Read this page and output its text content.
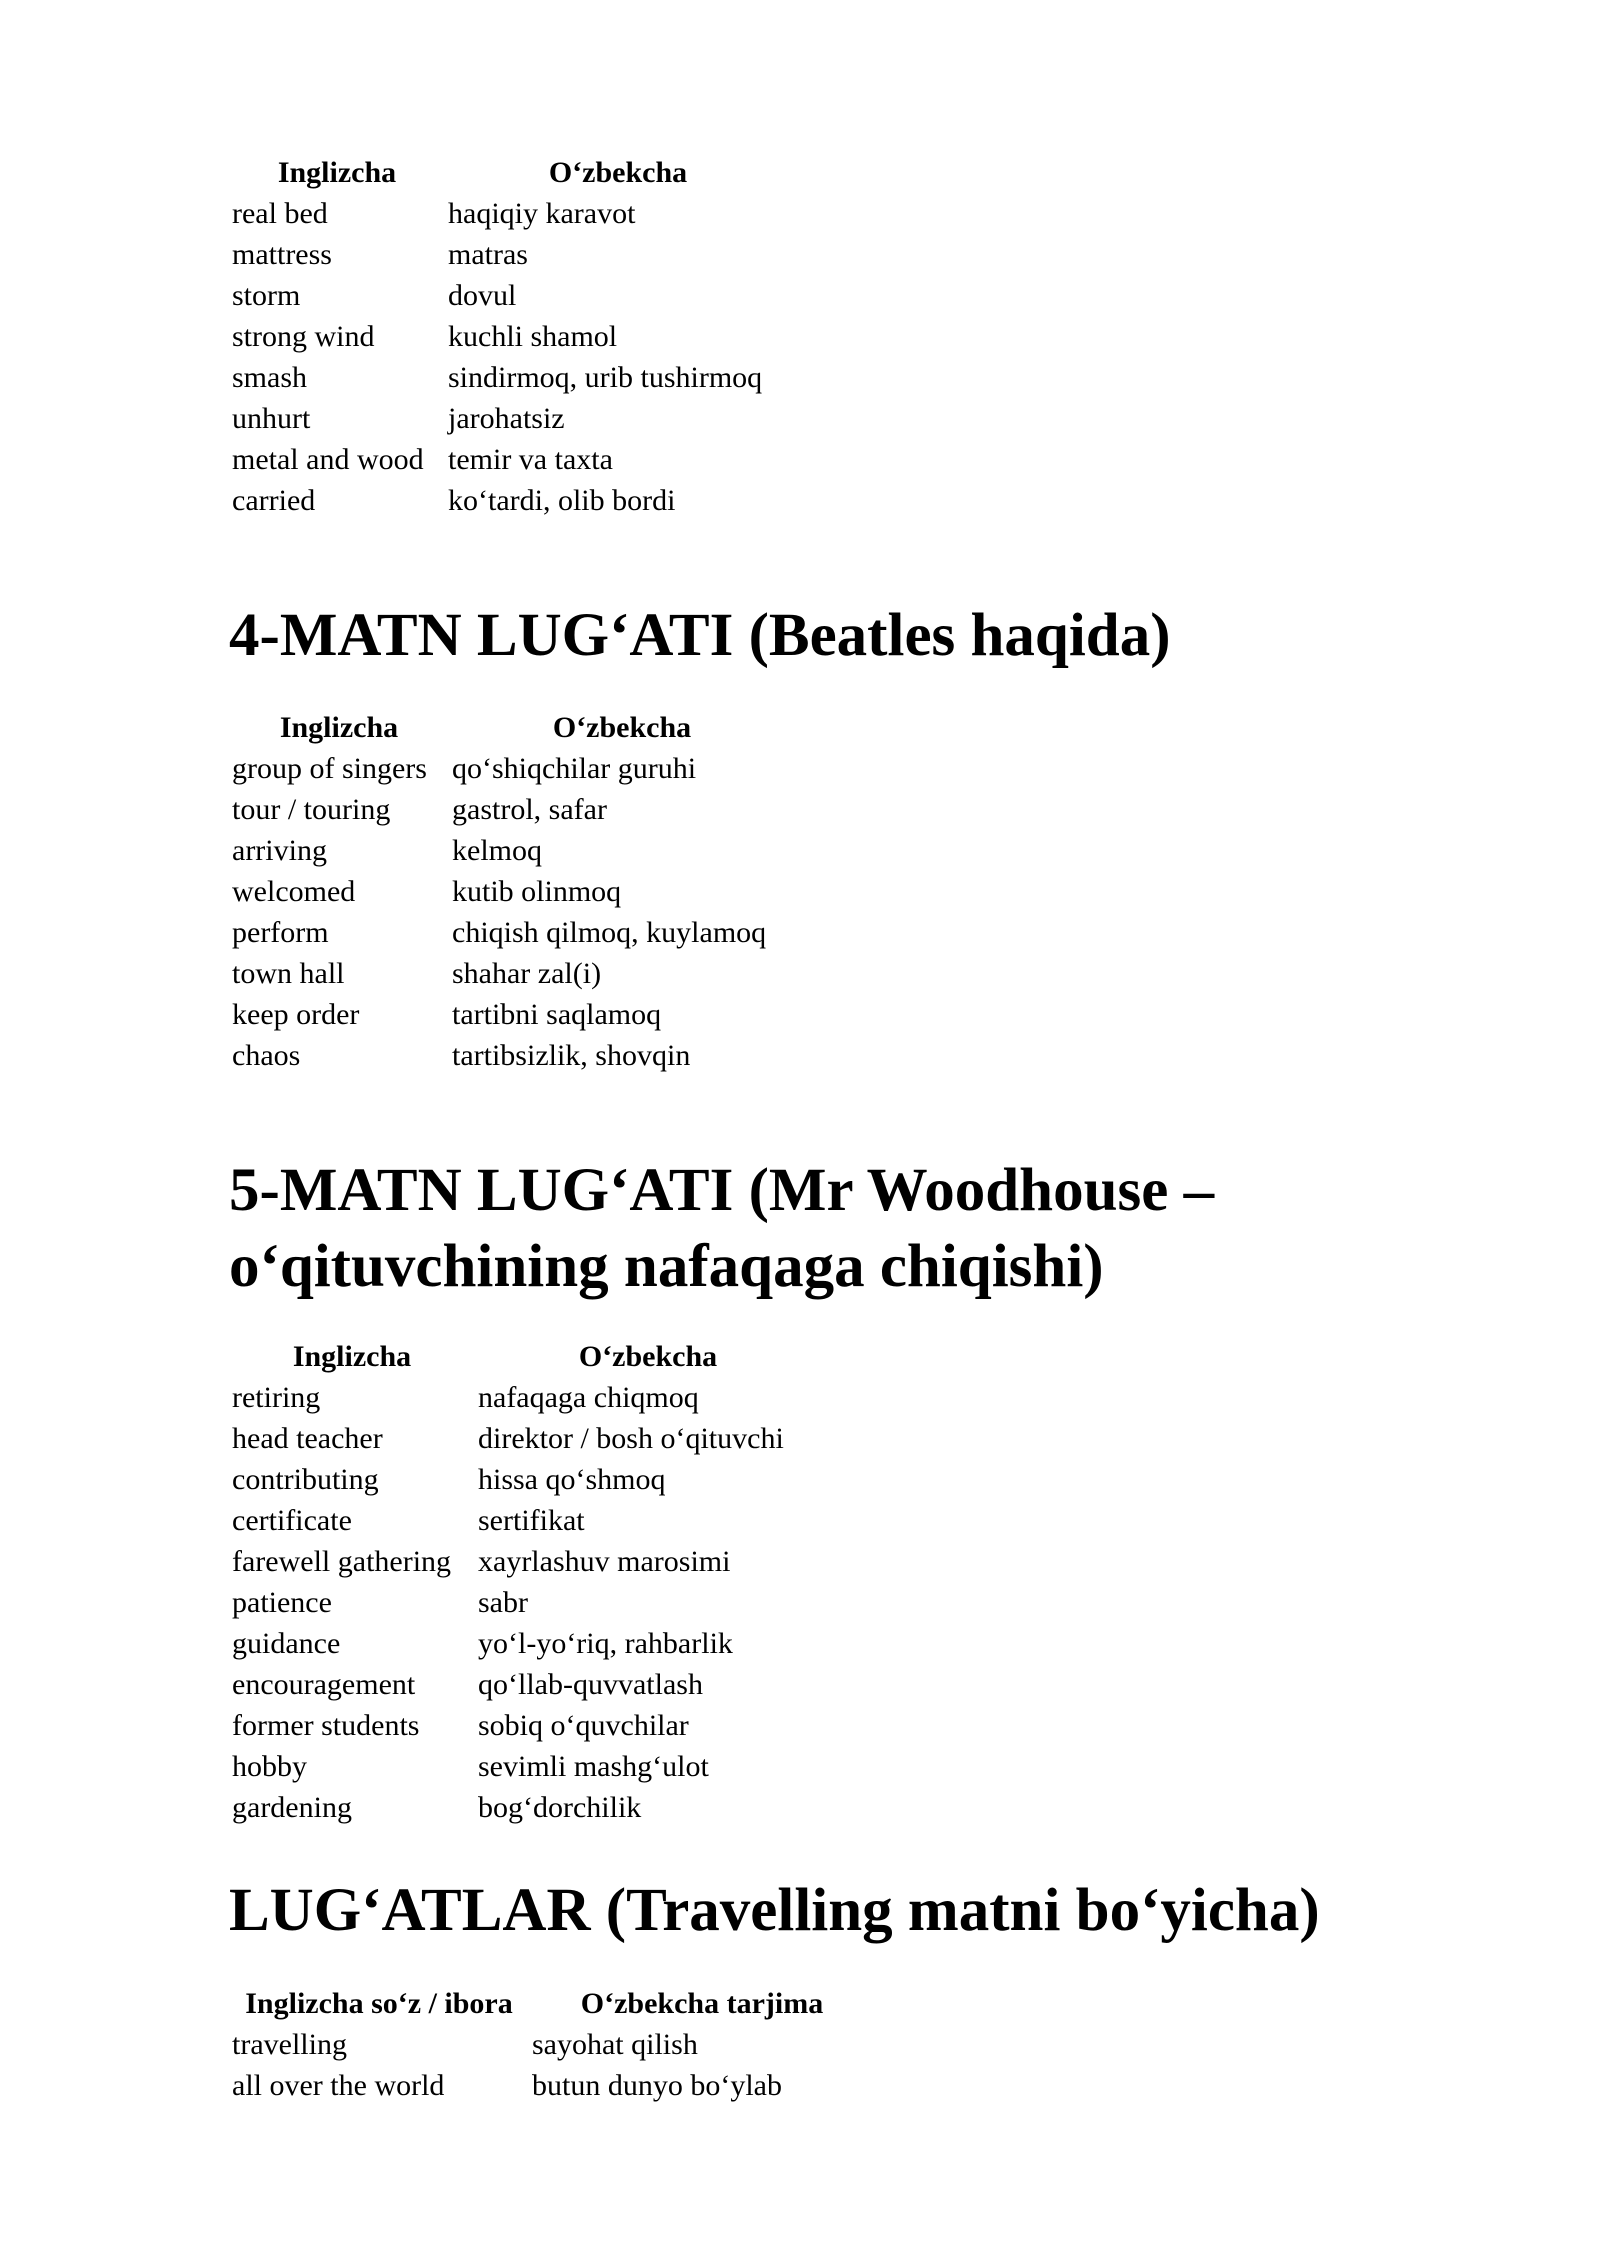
Inglizcha	O‘zbekcha
real bed	haqiqiy karavot
mattress	matras
storm	dovul
strong wind	kuchli shamol
smash	sindirmoq, urib tushirmoq
unhurt	jarohatsiz
metal and wood	temir va taxta
carried	ko‘tardi, olib bordi
4-MATN LUG‘ATI (Beatles haqida)
Inglizcha	O‘zbekcha
group of singers	qo‘shiqchilar guruhi
tour / touring	gastrol, safar
arriving	kelmoq
welcomed	kutib olinmoq
perform	chiqish qilmoq, kuylamoq
town hall	shahar zal(i)
keep order	tartibni saqlamoq
chaos	tartibsizlik, shovqin
5-MATN LUG‘ATI (Mr Woodhouse – o‘qituvchining nafaqaga chiqishi)
Inglizcha	O‘zbekcha
retiring	nafaqaga chiqmoq
head teacher	direktor / bosh o‘qituvchi
contributing	hissa qo‘shmoq
certificate	sertifikat
farewell gathering	xayrlashuv marosimi
patience	sabr
guidance	yo‘l-yo‘riq, rahbarlik
encouragement	qo‘llab-quvvatlash
former students	sobiq o‘quvchilar
hobby	sevimli mashg‘ulot
gardening	bog‘dorchilik
LUG‘ATLAR (Travelling matni bo‘yicha)
Inglizcha so‘z / ibora	O‘zbekcha tarjima
travelling	sayohat qilish
all over the world	butun dunyo bo‘ylab
